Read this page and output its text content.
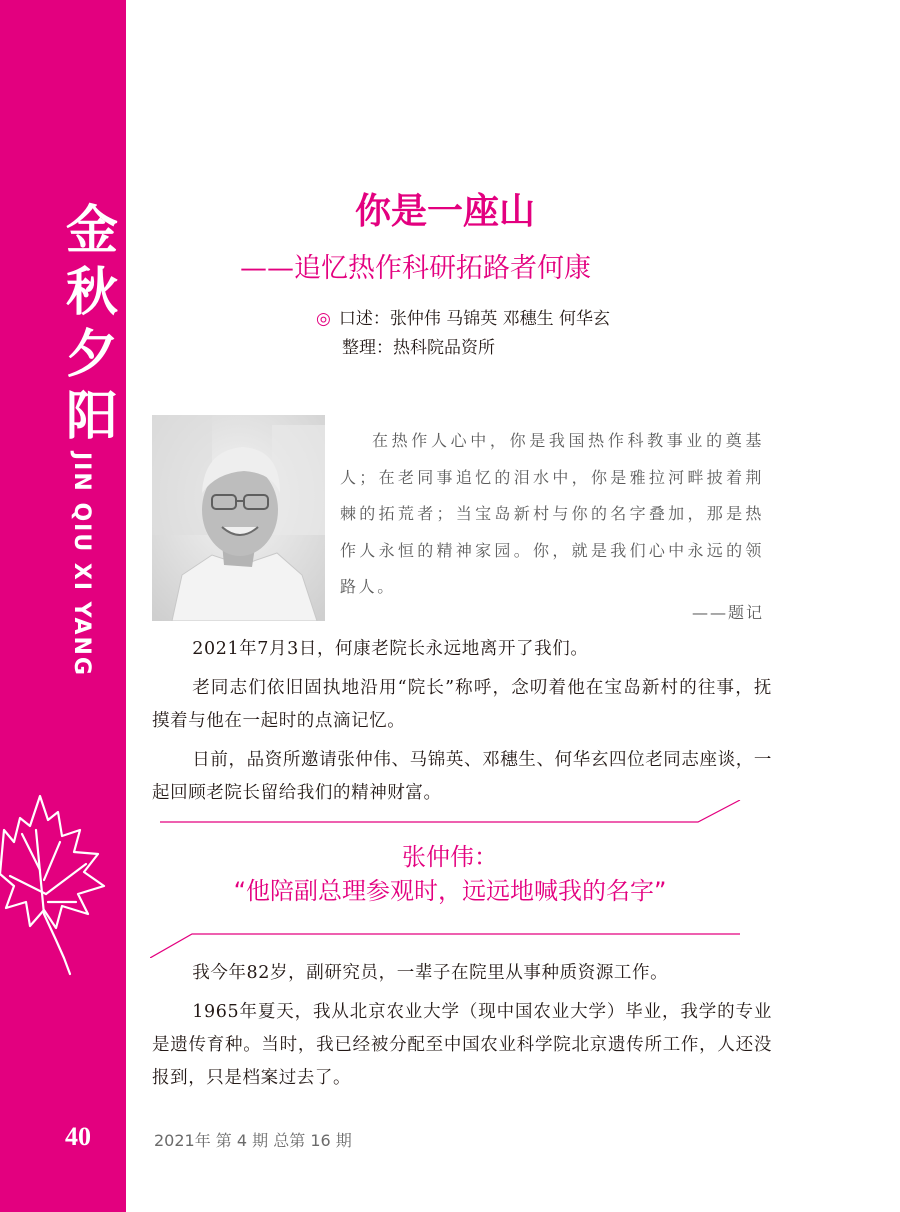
金
秋
夕
阳
JIN QIU XI YANG
40
你是一座山
——追忆热作科研拓路者何康
◎ 口述：张仲伟 马锦英 邓穗生 何华玄
整理：热科院品资所
在热作人心中，你是我国热作科教事业的奠基人；在老同事追忆的泪水中，你是雅拉河畔披着荆棘的拓荒者；当宝岛新村与你的名字叠加，那是热作人永恒的精神家园。你，就是我们心中永远的领路人。
——题记

2021年7月3日，何康老院长永远地离开了我们。

老同志们依旧固执地沿用“院长”称呼，念叨着他在宝岛新村的往事，抚摸着与他在一起时的点滴记忆。

日前，品资所邀请张仲伟、马锦英、邓穗生、何华玄四位老同志座谈，一起回顾老院长留给我们的精神财富。

张仲伟：
“他陪副总理参观时，远远地喊我的名字”

我今年82岁，副研究员，一辈子在院里从事种质资源工作。

1965年夏天，我从北京农业大学（现中国农业大学）毕业，我学的专业是遗传育种。当时，我已经被分配至中国农业科学院北京遗传所工作，人还没报到，只是档案过去了。

2021年 第 4 期 总第 16 期
